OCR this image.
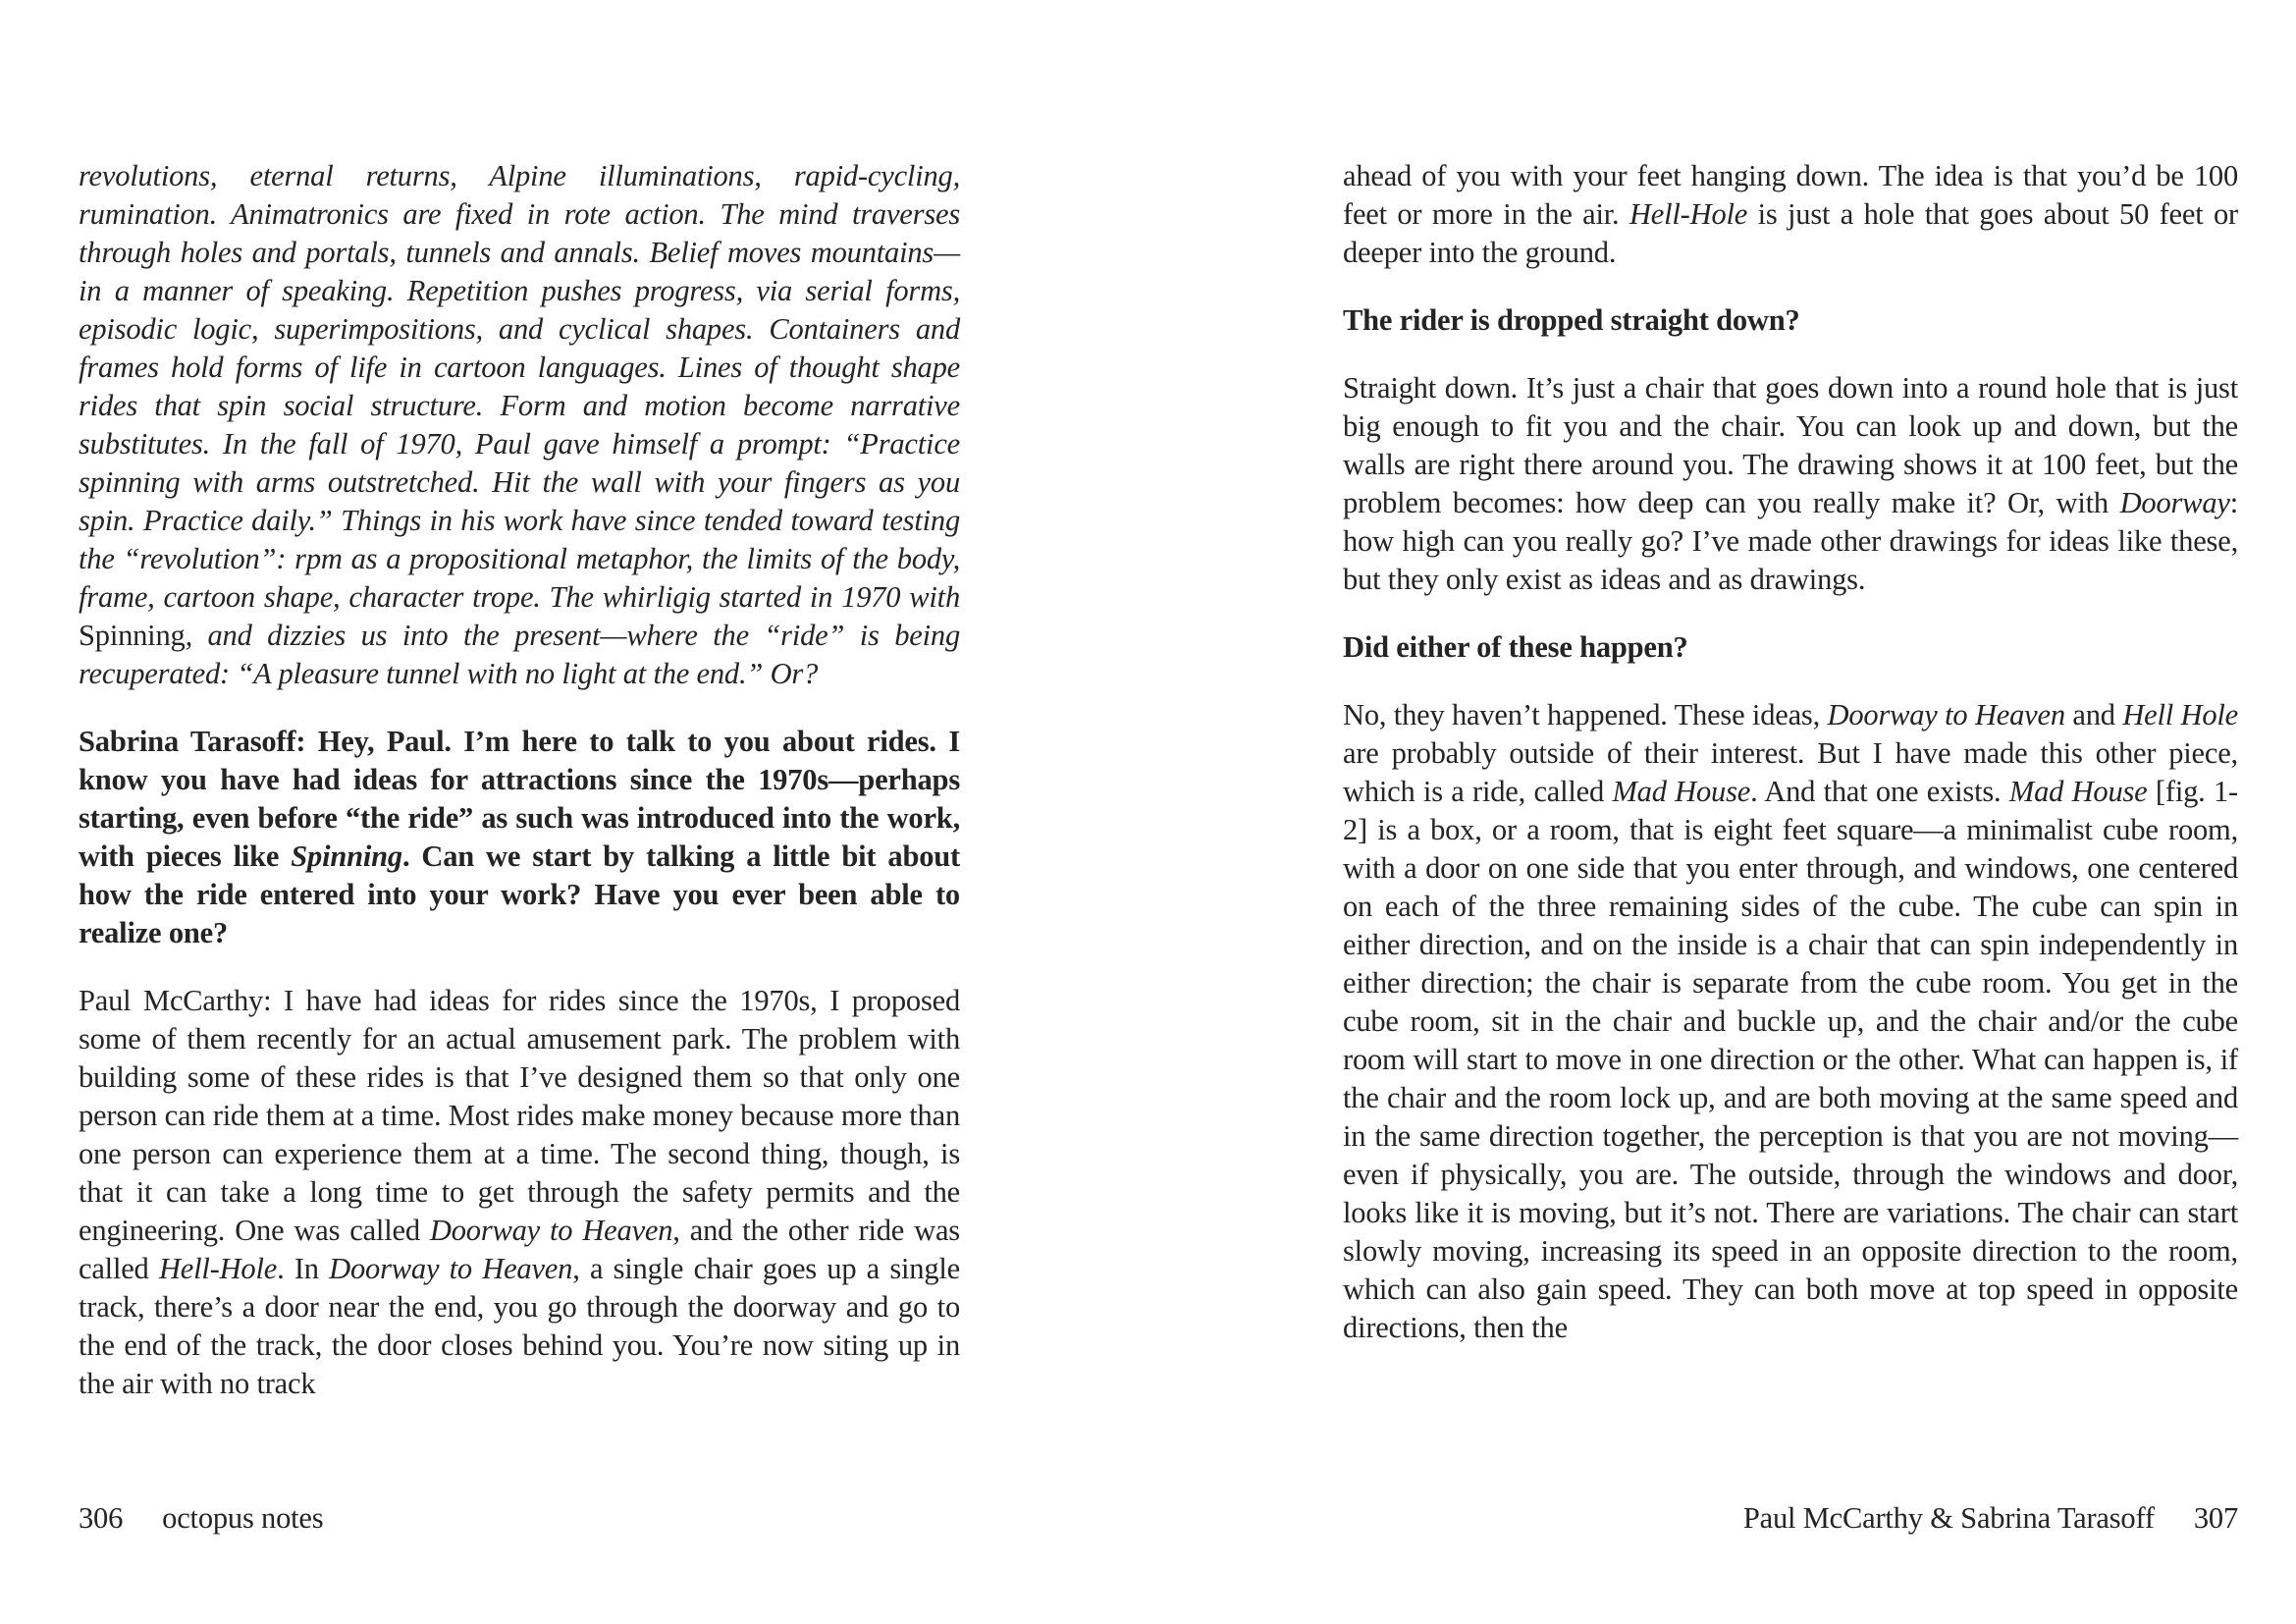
revolutions, eternal returns, Alpine illuminations, rapid-cycling, rumination. Animatronics are fixed in rote action. The mind traverses through holes and portals, tunnels and annals. Belief moves mountains—in a manner of speaking. Repetition pushes progress, via serial forms, episodic logic, superimpositions, and cyclical shapes. Containers and frames hold forms of life in cartoon languages. Lines of thought shape rides that spin social structure. Form and motion become narrative substitutes. In the fall of 1970, Paul gave himself a prompt: “Practice spinning with arms outstretched. Hit the wall with your fingers as you spin. Practice daily.” Things in his work have since tended toward testing the “revolution”: rpm as a propositional metaphor, the limits of the body, frame, cartoon shape, character trope. The whirligig started in 1970 with Spinning, and dizzies us into the present—where the “ride” is being recuperated: “A pleasure tunnel with no light at the end.” Or?

Sabrina Tarasoff: Hey, Paul. I’m here to talk to you about rides. I know you have had ideas for attractions since the 1970s—perhaps starting, even before “the ride” as such was introduced into the work, with pieces like Spinning. Can we start by talking a little bit about how the ride entered into your work? Have you ever been able to realize one?

Paul McCarthy: I have had ideas for rides since the 1970s, I proposed some of them recently for an actual amusement park. The problem with building some of these rides is that I’ve designed them so that only one person can ride them at a time. Most rides make money because more than one person can experience them at a time. The second thing, though, is that it can take a long time to get through the safety permits and the engineering. One was called Doorway to Heaven, and the other ride was called Hell-Hole. In Doorway to Heaven, a single chair goes up a single track, there’s a door near the end, you go through the doorway and go to the end of the track, the door closes behind you. You’re now siting up in the air with no track

ahead of you with your feet hanging down. The idea is that you’d be 100 feet or more in the air. Hell-Hole is just a hole that goes about 50 feet or deeper into the ground.

The rider is dropped straight down?

Straight down. It’s just a chair that goes down into a round hole that is just big enough to fit you and the chair. You can look up and down, but the walls are right there around you. The drawing shows it at 100 feet, but the problem becomes: how deep can you really make it? Or, with Doorway: how high can you really go? I’ve made other drawings for ideas like these, but they only exist as ideas and as drawings.

Did either of these happen?

No, they haven’t happened. These ideas, Doorway to Heaven and Hell Hole are probably outside of their interest. But I have made this other piece, which is a ride, called Mad House. And that one exists. Mad House [fig. 1-2] is a box, or a room, that is eight feet square—a minimalist cube room, with a door on one side that you enter through, and windows, one centered on each of the three remaining sides of the cube. The cube can spin in either direction, and on the inside is a chair that can spin independently in either direction; the chair is separate from the cube room. You get in the cube room, sit in the chair and buckle up, and the chair and/or the cube room will start to move in one direction or the other. What can happen is, if the chair and the room lock up, and are both moving at the same speed and in the same direction together, the perception is that you are not moving—even if physically, you are. The outside, through the windows and door, looks like it is moving, but it’s not. There are variations. The chair can start slowly moving, increasing its speed in an opposite direction to the room, which can also gain speed. They can both move at top speed in opposite directions, then the

306 octopus notes	Paul McCarthy & Sabrina Tarasoff 307
